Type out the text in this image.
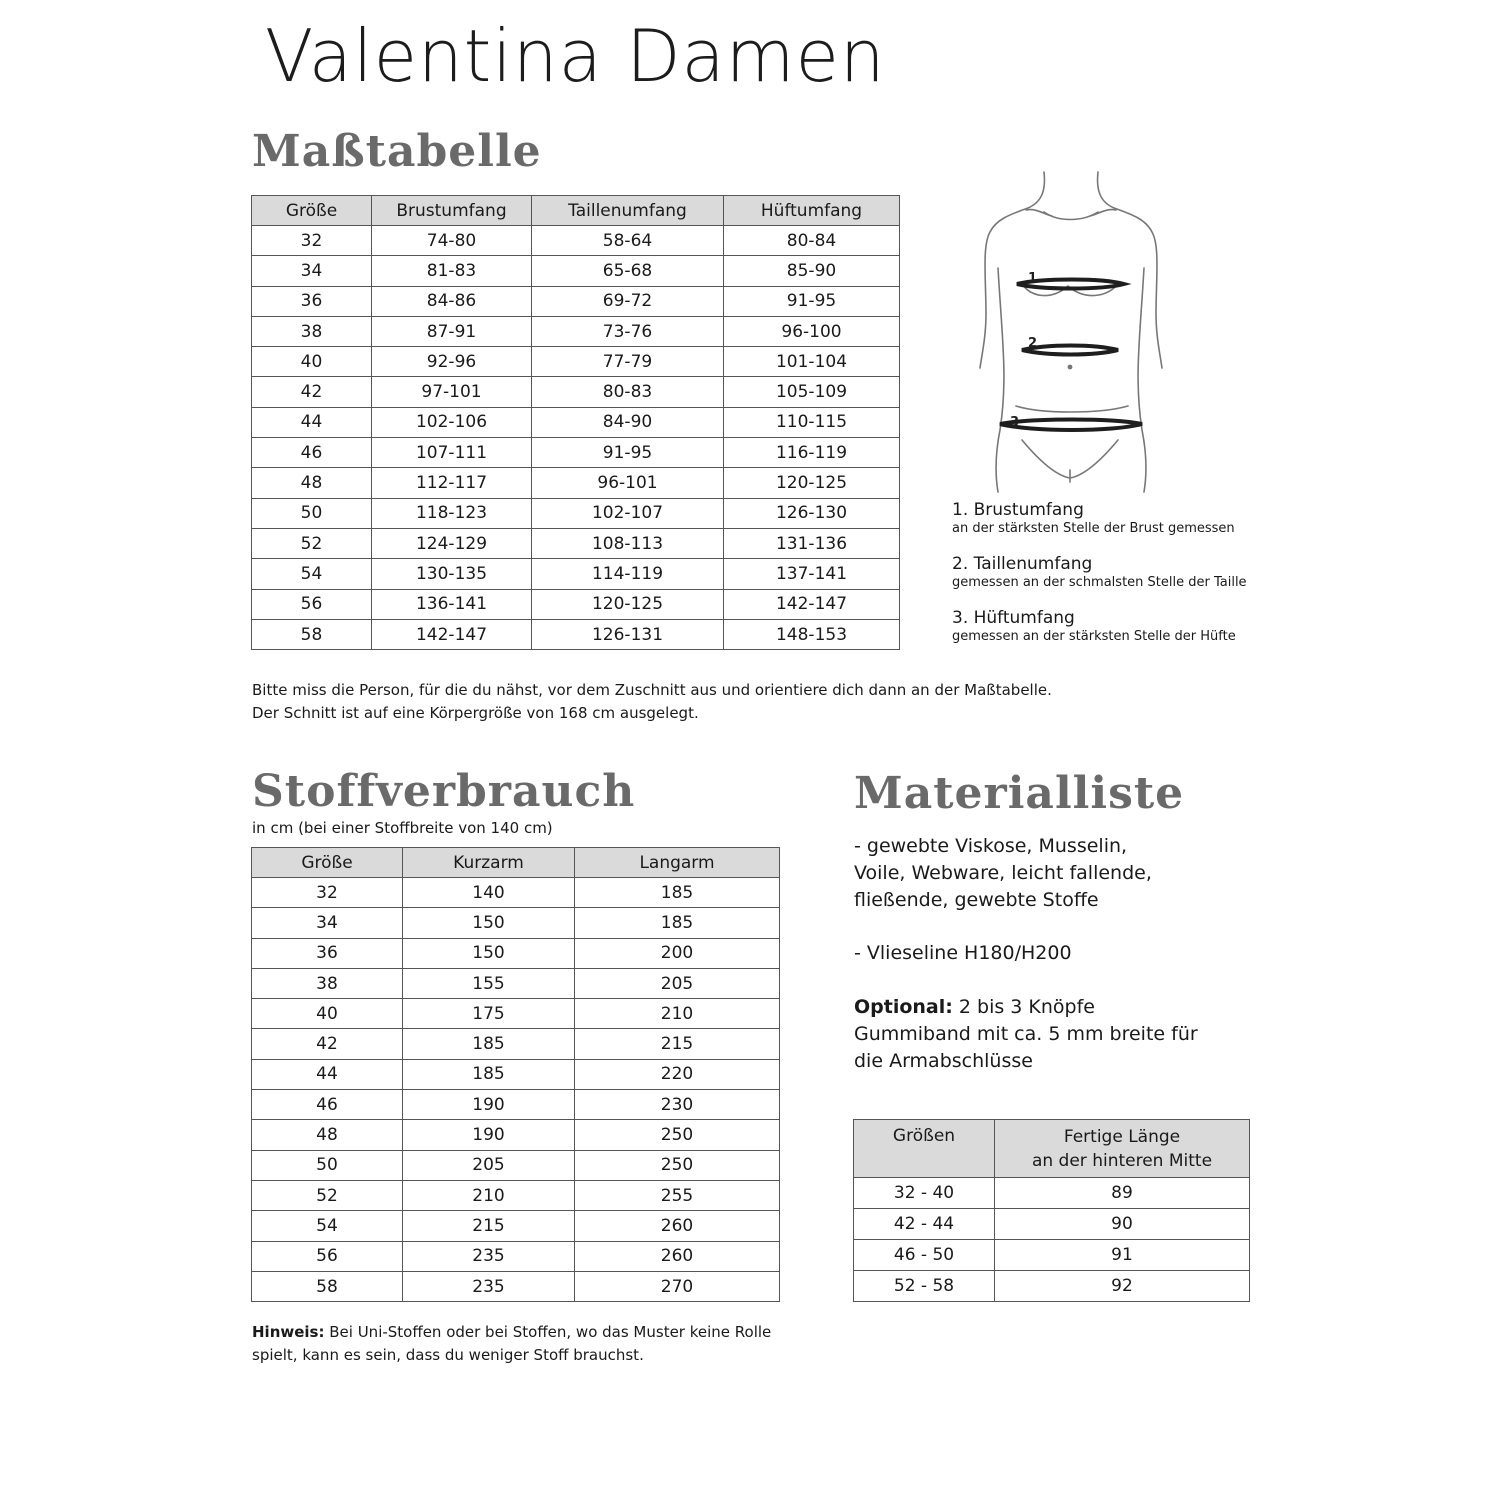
Valentina Damen
Maßtabelle
Größe	Brustumfang	Taillenumfang	Hüftumfang
32	74-80	58-64	80-84
34	81-83	65-68	85-90
36	84-86	69-72	91-95
38	87-91	73-76	96-100
40	92-96	77-79	101-104
42	97-101	80-83	105-109
44	102-106	84-90	110-115
46	107-111	91-95	116-119
48	112-117	96-101	120-125
50	118-123	102-107	126-130
52	124-129	108-113	131-136
54	130-135	114-119	137-141
56	136-141	120-125	142-147
58	142-147	126-131	148-153
Bitte miss die Person, für die du nähst, vor dem Zuschnitt aus und orientiere dich dann an der Maßtabelle.
Der Schnitt ist auf eine Körpergröße von 168 cm ausgelegt.
1
2
3
1. Brustumfang
an der stärksten Stelle der Brust gemessen
2. Taillenumfang
gemessen an der schmalsten Stelle der Taille
3. Hüftumfang
gemessen an der stärksten Stelle der Hüfte
Stoffverbrauch
in cm (bei einer Stoffbreite von 140 cm)
Größe	Kurzarm	Langarm
32	140	185
34	150	185
36	150	200
38	155	205
40	175	210
42	185	215
44	185	220
46	190	230
48	190	250
50	205	250
52	210	255
54	215	260
56	235	260
58	235	270
Hinweis: Bei Uni-Stoffen oder bei Stoffen, wo das Muster keine Rolle
spielt, kann es sein, dass du weniger Stoff brauchst.
Materialliste
- gewebte Viskose, Musselin,
Voile, Webware, leicht fallende,
fließende, gewebte Stoffe
- Vlieseline H180/H200
Optional: 2 bis 3 Knöpfe
Gummiband mit ca. 5 mm breite für
die Armabschlüsse
Größen	Fertige Länge
an der hinteren Mitte

32 - 40	89
42 - 44	90
46 - 50	91
52 - 58	92
